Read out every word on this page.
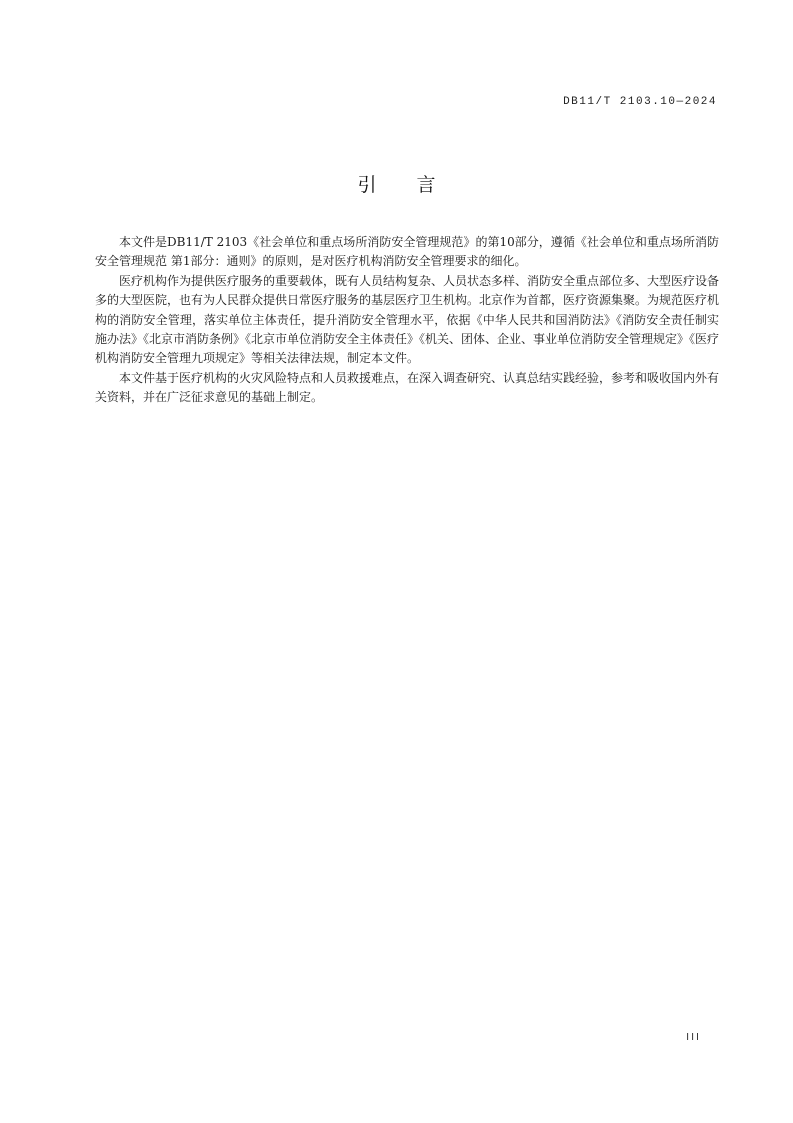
DB11/T 2103.10—2024
引言

本文件是DB11/T 2103《社会单位和重点场所消防安全管理规范》的第10部分，遵循《社会单位和重点场所消防安全管理规范 第1部分：通则》的原则，是对医疗机构消防安全管理要求的细化。

医疗机构作为提供医疗服务的重要载体，既有人员结构复杂、人员状态多样、消防安全重点部位多、大型医疗设备多的大型医院，也有为人民群众提供日常医疗服务的基层医疗卫生机构。北京作为首都，医疗资源集聚。为规范医疗机构的消防安全管理，落实单位主体责任，提升消防安全管理水平，依据《中华人民共和国消防法》《消防安全责任制实施办法》《北京市消防条例》《北京市单位消防安全主体责任》《机关、团体、企业、事业单位消防安全管理规定》《医疗机构消防安全管理九项规定》等相关法律法规，制定本文件。

本文件基于医疗机构的火灾风险特点和人员救援难点，在深入调查研究、认真总结实践经验，参考和吸收国内外有关资料，并在广泛征求意见的基础上制定。

III
